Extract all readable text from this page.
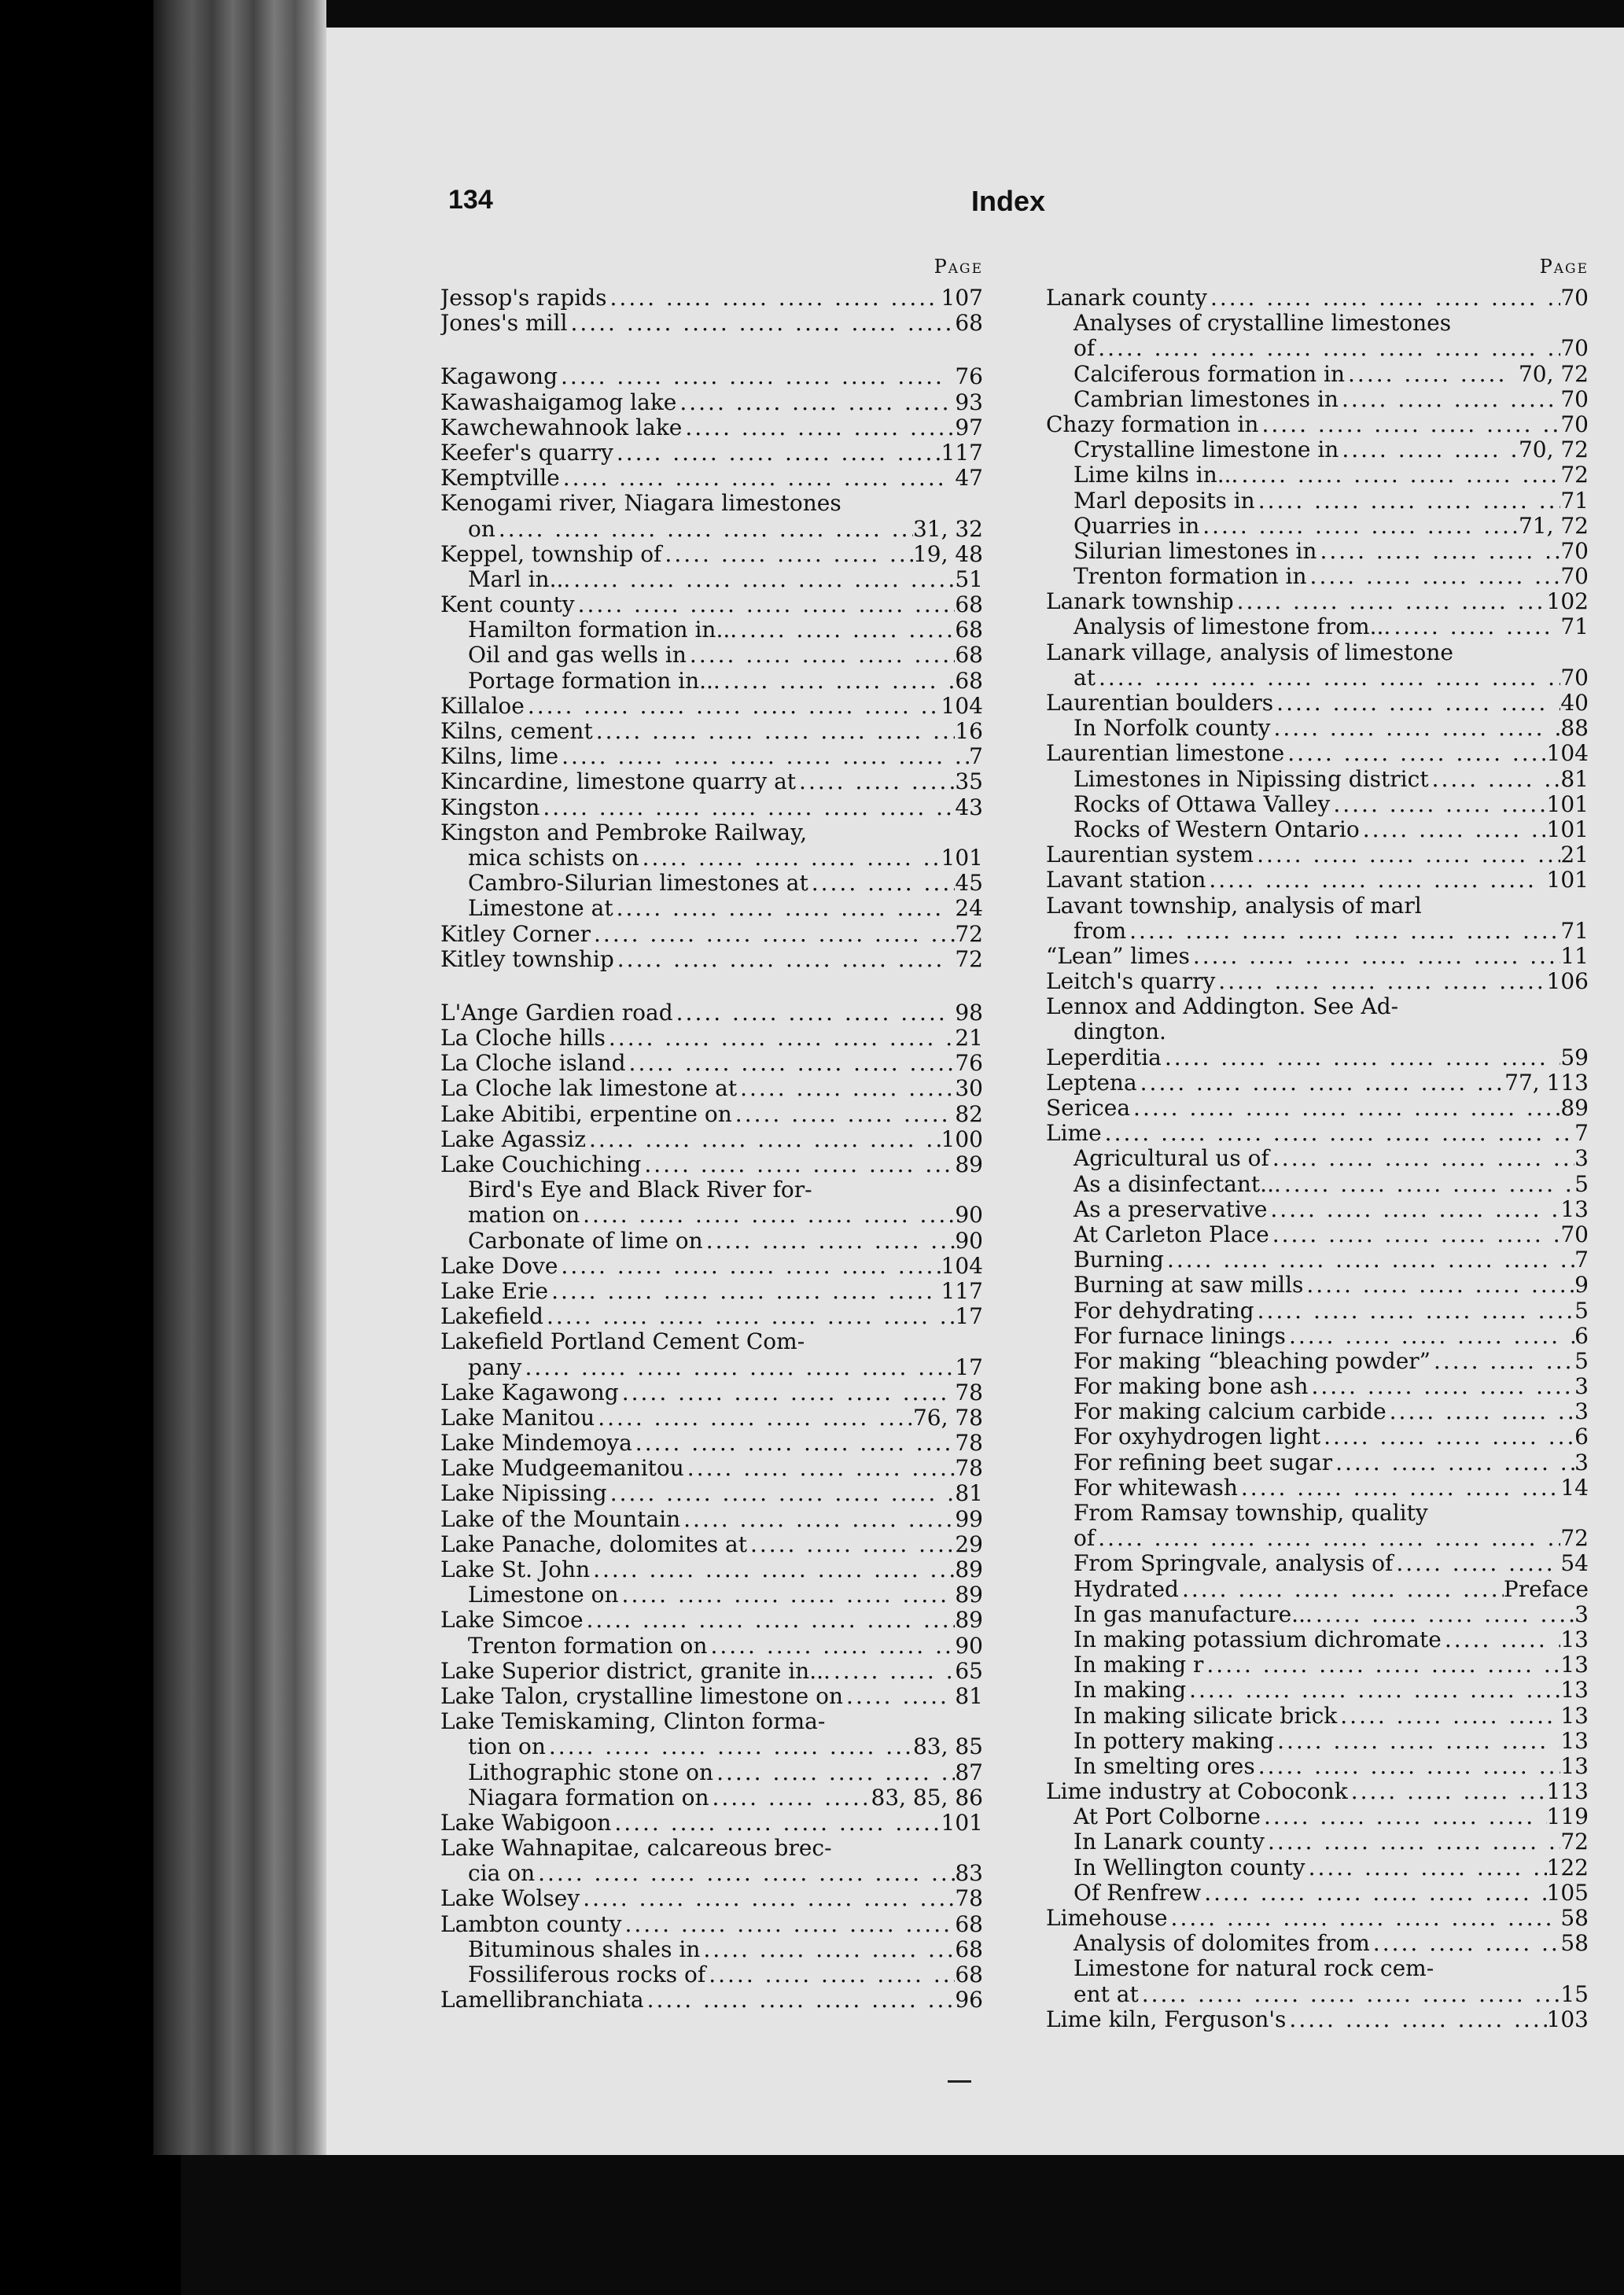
134	Index
Page
Jessop's rapids .....	107
Jones's mill .....	68
Kagawong .....	76
Kawashaigamog lake .....	93
Kawchewahnook lake .....	97
Keefer's quarry .....	117
Kemptville .....	47
Kenogami river, Niagara limestones
on .....	31, 32
Keppel, township of .....	19, 48
Marl in... .....	51
Kent county .....	68
Hamilton formation in... .....	68
Oil and gas wells in .....	68
Portage formation in... .....	68
Killaloe .....	104
Kilns, cement .....	16
Kilns, lime .....	7
Kincardine, limestone quarry at .....	35
Kingston .....	43
Kingston and Pembroke Railway,
mica schists on .....	101
Cambro-Silurian limestones at .....	45
Limestone at .....	24
Kitley Corner .....	72
Kitley township .....	72
L'Ange Gardien road .....	98
La Cloche hills .....	21
La Cloche island .....	76
La Cloche lak limestone at .....	30
Lake Abitibi, erpentine on .....	82
Lake Agassiz .....	100
Lake Couchiching .....	89
Bird's Eye and Black River for-
mation on .....	90
Carbonate of lime on .....	90
Lake Dove .....	104
Lake Erie .....	117
Lakefield .....	17
Lakefield Portland Cement Com-
pany .....	17
Lake Kagawong .....	78
Lake Manitou .....	76, 78
Lake Mindemoya .....	78
Lake Mudgeemanitou .....	78
Lake Nipissing .....	81
Lake of the Mountain .....	99
Lake Panache, dolomites at .....	29
Lake St. John .....	89
Limestone on .....	89
Lake Simcoe .....	89
Trenton formation on .....	90
Lake Superior district, granite in... .....	65
Lake Talon, crystalline limestone on .....	81
Lake Temiskaming, Clinton forma-
tion on .....	83, 85
Lithographic stone on .....	87
Niagara formation on .....	83, 85, 86
Lake Wabigoon .....	101
Lake Wahnapitae, calcareous brec-
cia on .....	83
Lake Wolsey .....	78
Lambton county .....	68
Bituminous shales in .....	68
Fossiliferous rocks of .....	68
Lamellibranchiata .....	96
Page
Lanark county .....	70
Analyses of crystalline limestones
of .....	70
Calciferous formation in .....	70, 72
Cambrian limestones in .....	70
Chazy formation in .....	70
Crystalline limestone in .....	70, 72
Lime kilns in... .....	72
Marl deposits in .....	71
Quarries in .....	71, 72
Silurian limestones in .....	70
Trenton formation in .....	70
Lanark township .....	102
Analysis of limestone from... .....	71
Lanark village, analysis of limestone
at .....	70
Laurentian boulders .....	40
In Norfolk county .....	88
Laurentian limestone .....	104
Limestones in Nipissing district .....	81
Rocks of Ottawa Valley .....	101
Rocks of Western Ontario .....	101
Laurentian system .....	21
Lavant station .....	101
Lavant township, analysis of marl
from .....	71
“Lean” limes .....	11
Leitch's quarry .....	106
Lennox and Addington. See Ad-
dington.
Leperditia .....	59
Leptena .....	77, 113
Sericea .....	89
Lime .....	7
Agricultural us of .....	3
As a disinfectant... .....	5
As a preservative .....	13
At Carleton Place .....	70
Burning .....	7
Burning at saw mills .....	9
For dehydrating .....	5
For furnace linings .....	6
For making “bleaching powder” .....	5
For making bone ash .....	3
For making calcium carbide .....	3
For oxyhydrogen light .....	6
For refining beet sugar .....	3
For whitewash .....	14
From Ramsay township, quality
of .....	72
From Springvale, analysis of .....	54
Hydrated .....	Preface
In gas manufacture... .....	3
In making potassium dichromate .....	13
In making r .....	13
In making .....	13
In making silicate brick .....	13
In pottery making .....	13
In smelting ores .....	13
Lime industry at Coboconk .....	113
At Port Colborne .....	119
In Lanark county .....	72
In Wellington county .....	122
Of Renfrew .....	105
Limehouse .....	58
Analysis of dolomites from .....	58
Limestone for natural rock cem-
ent at .....	15
Lime kiln, Ferguson's .....	103
